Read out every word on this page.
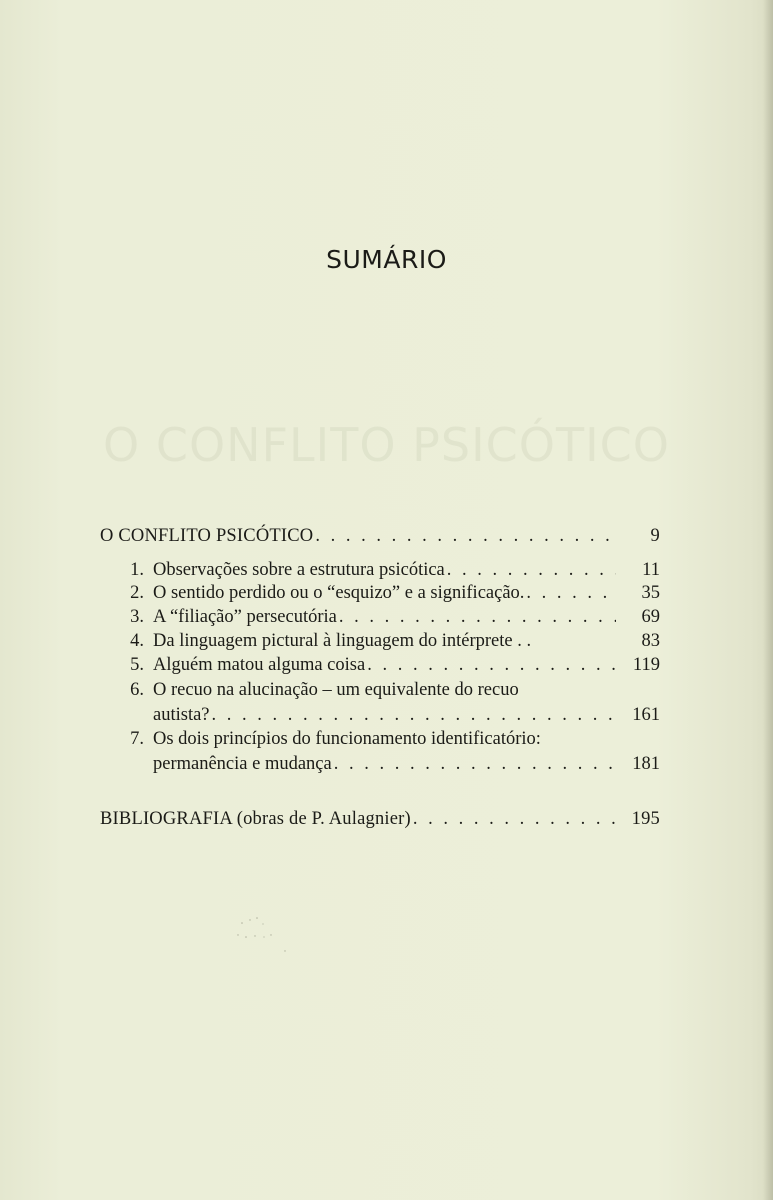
SUMÁRIO
O CONFLITO PSICÓTICO
O CONFLITO PSICÓTICO . . .	9
1. Observações sobre a estrutura psicótica . . .	11
2. O sentido perdido ou o “esquizo” e a significação. . . .	35
3. A “filiação” persecutória . . .	69
4. Da linguagem pictural à linguagem do intérprete . .	83
5. Alguém matou alguma coisa . . .	119
6. O recuo na alucinação – um equivalente do recuo
autista? . . .	161
7. Os dois princípios do funcionamento identificatório:
permanência e mudança . . .	181
BIBLIOGRAFIA (obras de P. Aulagnier) . . .	195
